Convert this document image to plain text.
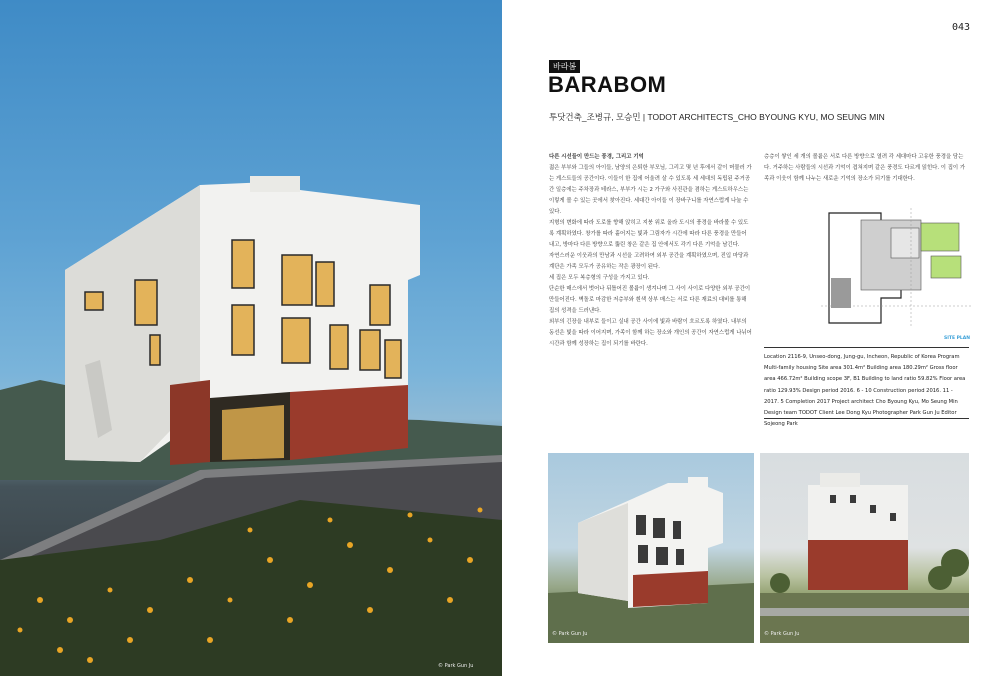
© Park Gun Ju
043
바라봄
BARABOM
투닷건축_조병규, 모승민 | TODOT ARCHITECTS_CHO BYOUNG KYU, MO SEUNG MIN

다른 시선들이 만드는 풍경, 그리고 기억

젊은 부부와 그들의 아이들, 남양의 은퇴한 부모님, 그리고 몇 년 후에서 같이 머물러 가는 게스트들의 공간이다. 이들이 한 집에 어울려 살 수 있도록 세 세대의 독립된 주거공간 일층에는 주차장과 테라스, 부부가 시는 2 가구와 사진관을 겸하는 게스트하우스는 이렇게 볼 수 있는 곳에서 찾아진다. 세대간 아이들 이 장바구니를 자연스럽게 나눌 수 있다.

지형의 변화에 따라 도로를 향해 앉히고 지붕 위로 올라 도시의 풍경을 바라볼 수 있도록 계획하였다. 창가를 따라 흩어지는 빛과 그림자가 시간에 따라 다른 풍경을 만들어 내고, 방마다 다른 방향으로 뚫린 창은 같은 집 안에서도 각기 다른 기억을 남긴다.

자연스러운 이웃과의 만남과 시선을 고려하여 외부 공간을 계획하였으며, 진입 마당과 계단은 가족 모두가 공유하는 작은 광장이 된다.

세 집은 모두 복층형의 구성을 가지고 있다.

단순한 매스에서 벗어나 뒤틀어진 볼륨이 생겨나며 그 사이 사이로 다양한 외부 공간이 만들어진다. 벽돌로 마감한 저층부와 흰색 상부 매스는 서로 다른 재료의 대비를 통해 집의 성격을 드러낸다.

외부의 긴장을 내부로 들이고 실내 공간 사이에 빛과 바람이 흐르도록 하였다. 내부의 동선은 빛을 따라 이어지며, 가족이 함께 하는 장소와 개인의 공간이 자연스럽게 나뉘어 시간과 함께 성장하는 집이 되기를 바란다.

층층이 쌓인 세 개의 볼륨은 서로 다른 방향으로 열려 각 세대마다 고유한 풍경을 담는다. 거주하는 사람들의 시선과 기억이 겹쳐지며 같은 풍경도 다르게 읽힌다. 이 집이 가족과 이웃이 함께 나누는 새로운 기억의 장소가 되기를 기대한다.

SITE PLAN
Location 2116-9, Unseo-dong, Jung-gu, Incheon, Republic of Korea Program Multi-family housing Site area 301.4m² Building area 180.29m² Gross floor area 466.72m² Building scope 3F, B1 Building to land ratio 59.82% Floor area ratio 129.93% Design period 2016. 6 - 10 Construction period 2016. 11 - 2017. 5 Completion 2017 Project architect Cho Byoung Kyu, Mo Seung Min Design team TODOT Client Lee Dong Kyu Photographer Park Gun Ju Editor Sojeong Park
© Park Gun Ju	© Park Gun Ju
